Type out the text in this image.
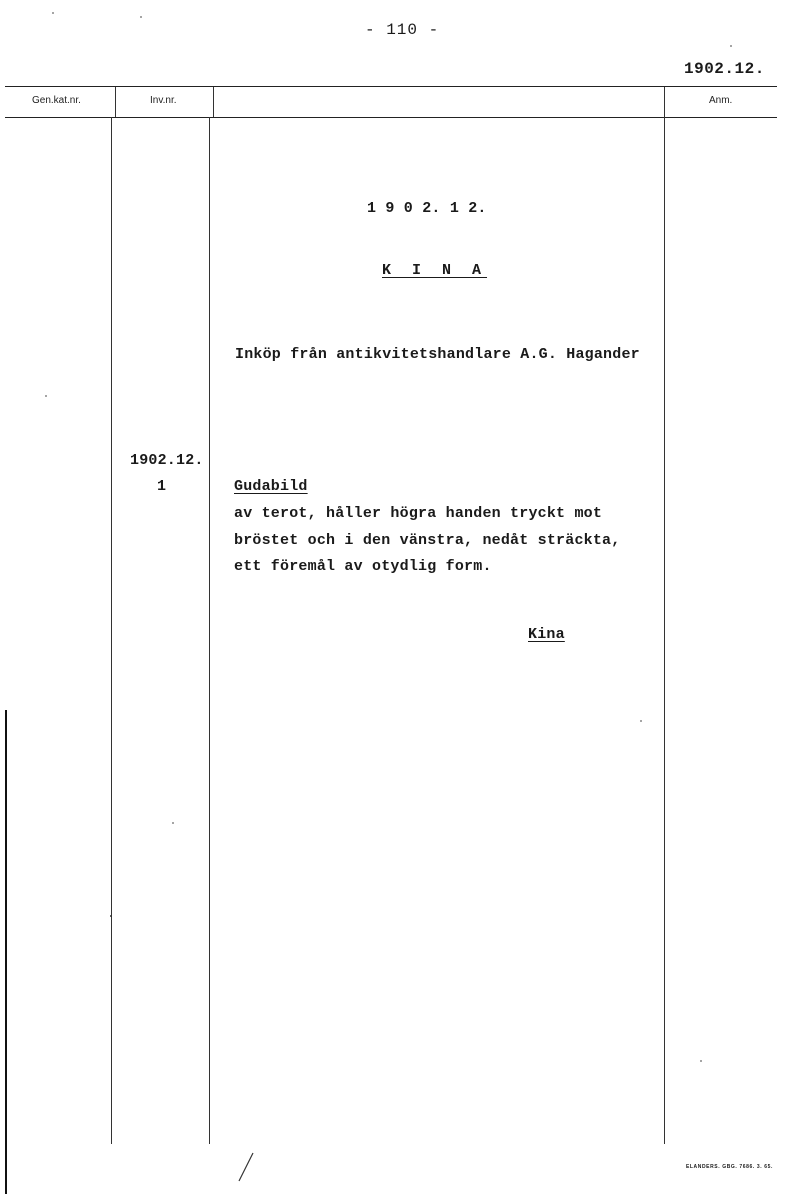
- 110 -
1902.12.
Gen.kat.nr.	Inv.nr.	Anm.
1 9 0 2. 1 2.
K I N A
Inköp från antikvitetshandlare A.G. Hagander
1902.12.
1	Gudabild
av terot, håller högra handen tryckt mot
bröstet och i den vänstra, nedåt sträckta,
ett föremål av otydlig form.
Kina
ELANDERS. GBG. 7686. 3. 65.
